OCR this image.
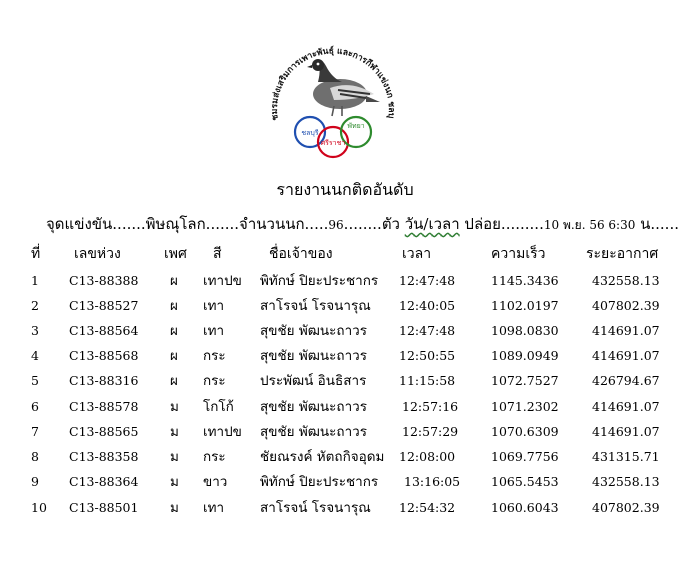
ชมรมส่งเสริมการเพาะพันธุ์ และการกีฬาแข่งนก ชลบุ
ชลบุรี
ศรีราชา
พัทยา
รายงานนกติดอันดับ
จุดแข่งขัน.......พิษณุโลก.......จำนวนนก.....96........ตัว วัน/เวลา ปล่อย.........10 พ.ย. 56 6:30 น......
ที่ เลขห่วง	เพศ สี	ชื่อเจ้าของ	เวลา	ความเร็ว	ระยะอากาศ
1 C13-88388 ผ เทาปข พิทักษ์ ปิยะประชากร 12:47:48	1145.3436	432558.13
2 C13-88527 ผ เทา	สาโรจน์ โรจนารุณ 12:40:05	1102.0197	407802.39
3 C13-88564 ผ เทา	สุขชัย พัฒนะถาวร	12:47:48	1098.0830	414691.07
4 C13-88568 ผ กระ	สุขชัย พัฒนะถาวร	12:50:55	1089.0949	414691.07
5 C13-88316 ผ กระ	ประพัฒน์ อินธิสาร	11:15:58	1072.7527	426794.67
6 C13-88578 ม โกโก้ สุขชัย พัฒนะถาวร	12:57:16	1071.2302	414691.07
7 C13-88565 ม เทาปข สุขชัย พัฒนะถาวร	12:57:29	1070.6309	414691.07
8 C13-88358 ม กระ	ชัยณรงค์ หัตถกิจอุดม 12:08:00	1069.7756	431315.71
9 C13-88364 ม ขาว พิทักษ์ ปิยะประชากร 13:16:05 1065.5453	432558.13
10 C13-88501 ม เทา	สาโรจน์ โรจนารุณ 12:54:32	1060.6043	407802.39
